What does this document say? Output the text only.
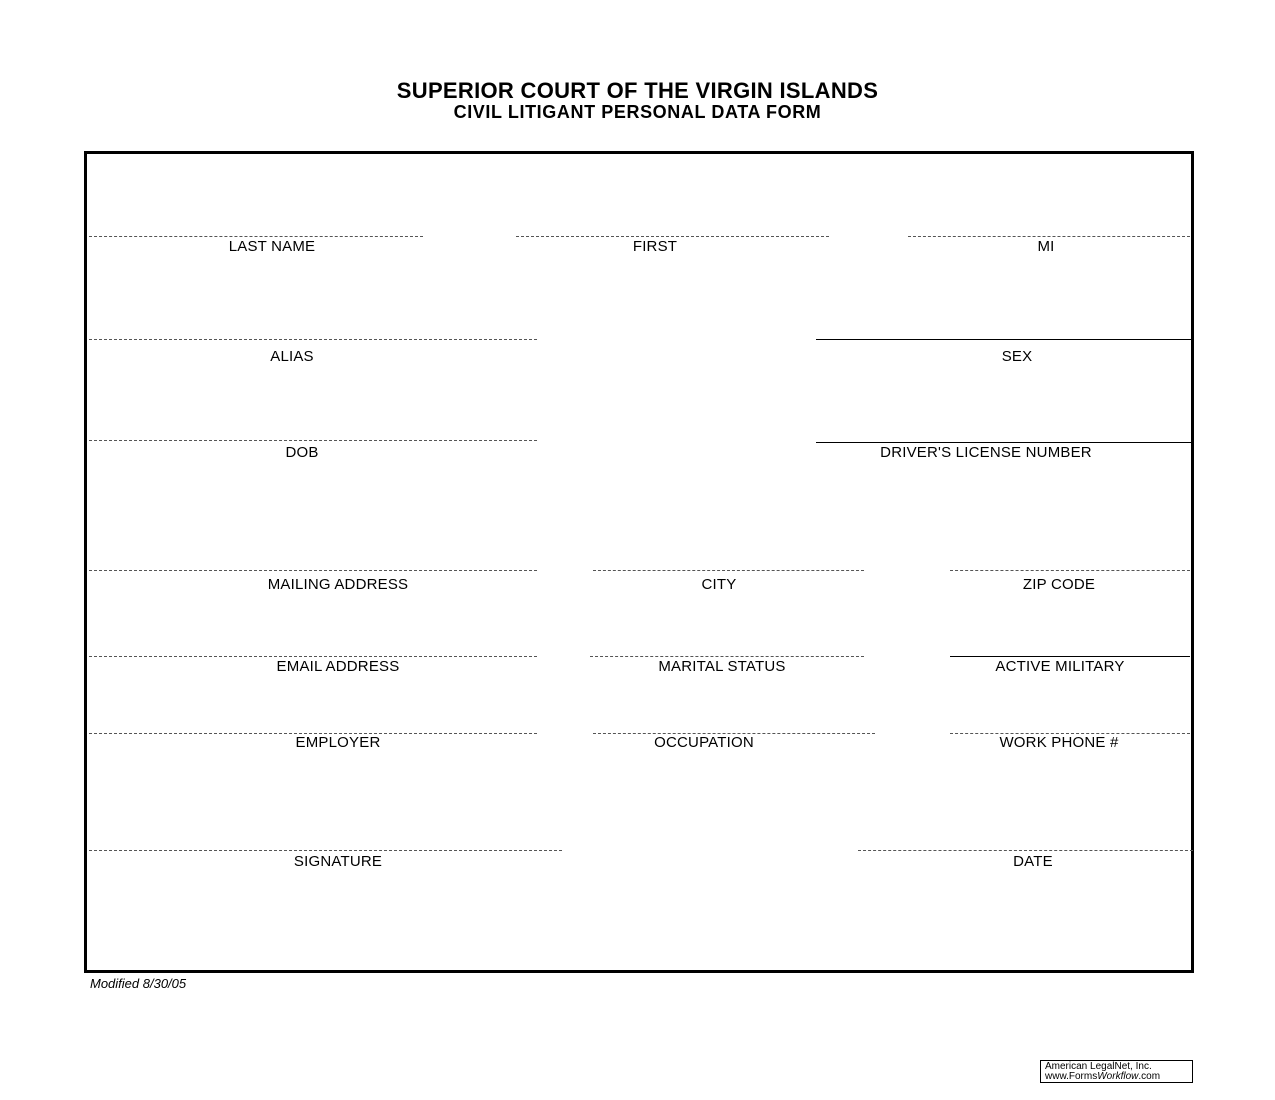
SUPERIOR COURT OF THE VIRGIN ISLANDS
CIVIL LITIGANT PERSONAL DATA FORM
LAST NAME	FIRST	MI
ALIAS	SEX
DOB	DRIVER'S LICENSE NUMBER
MAILING ADDRESS	CITY	ZIP CODE
EMAIL ADDRESS	MARITAL STATUS	ACTIVE MILITARY
EMPLOYER	OCCUPATION	WORK PHONE #
SIGNATURE	DATE
Modified 8/30/05
American LegalNet, Inc.
www.FormsWorkflow.com
